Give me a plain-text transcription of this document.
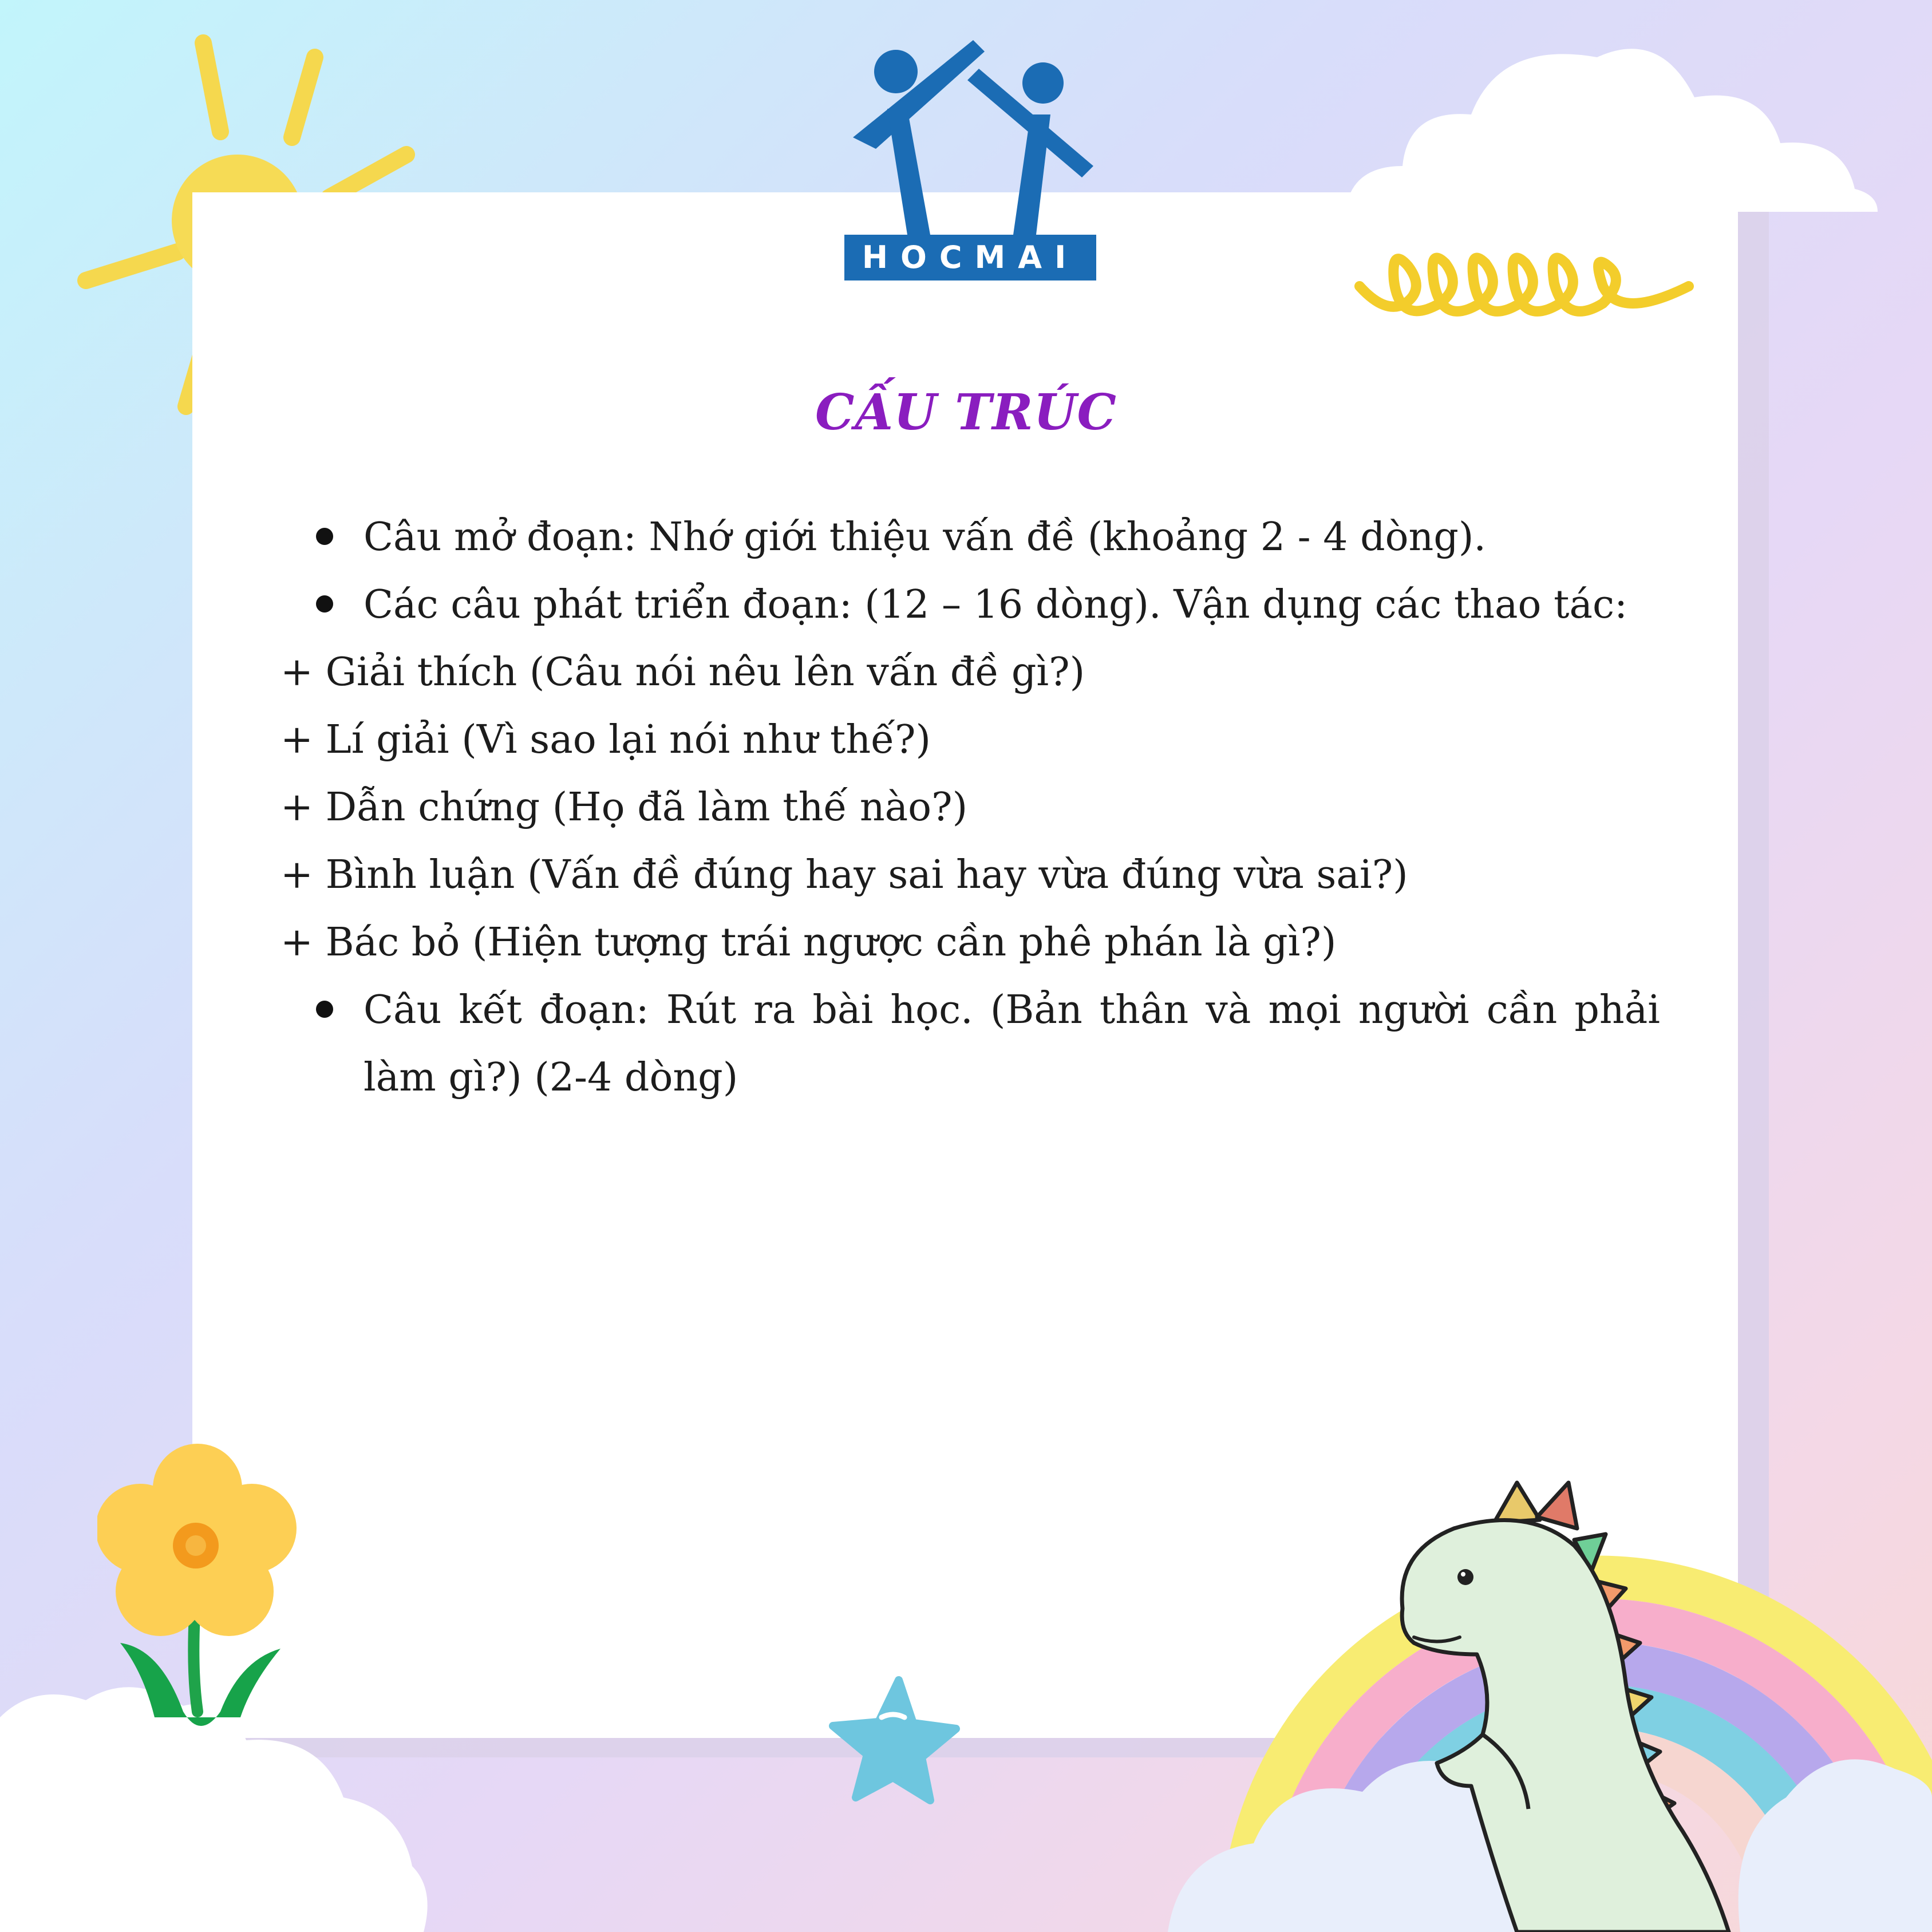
HOCMAI
CẤU TRÚC
Câu mở đoạn: Nhớ giới thiệu vấn đề (khoảng 2 - 4 dòng).
Các câu phát triển đoạn: (12 – 16 dòng). Vận dụng các thao tác:
+ Giải thích (Câu nói nêu lên vấn đề gì?)
+ Lí giải (Vì sao lại nói như thế?)
+ Dẫn chứng (Họ đã làm thế nào?)
+ Bình luận (Vấn đề đúng hay sai hay vừa đúng vừa sai?)
+ Bác bỏ (Hiện tượng trái ngược cần phê phán là gì?)
Câu kết đoạn: Rút ra bài học. (Bản thân và mọi người cần phải làm gì?) (2-4 dòng)
